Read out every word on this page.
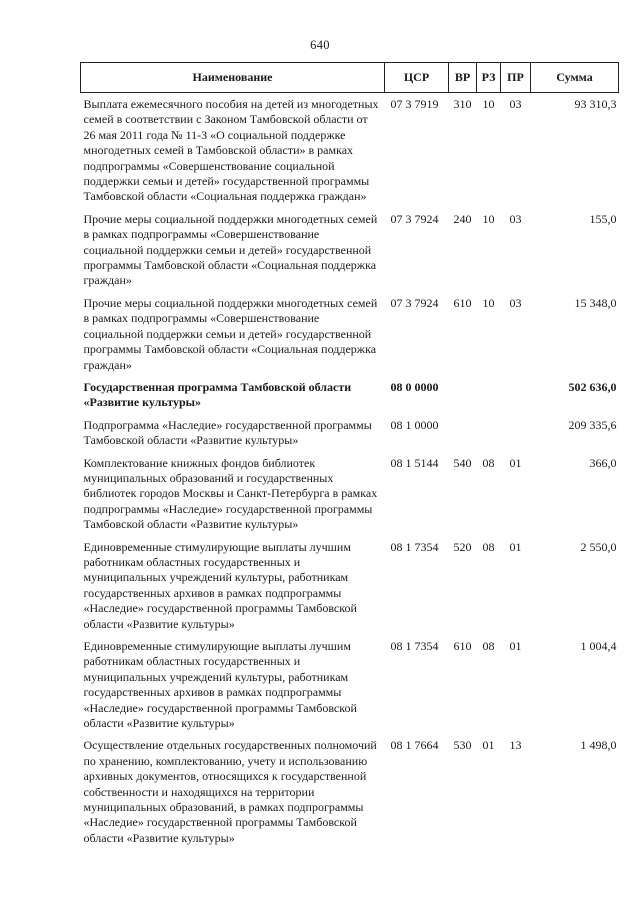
640
Наименование	ЦСР	ВР	РЗ	ПР	Сумма
Выплата ежемесячного пособия на детей из многодетных семей в соответствии с Законом Тамбовской области от 26 мая 2011 года № 11-З «О социальной поддержке многодетных семей в Тамбовской области» в рамках подпрограммы «Совершенствование социальной поддержки семьи и детей» государственной программы Тамбовской области «Социальная поддержка граждан»	07 3 7919	310	10	03	93 310,3
Прочие меры социальной поддержки многодетных семей в рамках подпрограммы «Совершенствование социальной поддержки семьи и детей» государственной программы Тамбовской области «Социальная поддержка граждан»	07 3 7924	240	10	03	155,0
Прочие меры социальной поддержки многодетных семей в рамках подпрограммы «Совершенствование социальной поддержки семьи и детей» государственной программы Тамбовской области «Социальная поддержка граждан»	07 3 7924	610	10	03	15 348,0
Государственная программа Тамбовской области «Развитие культуры»	08 0 0000				502 636,0
Подпрограмма «Наследие» государственной программы Тамбовской области «Развитие культуры»	08 1 0000				209 335,6
Комплектование книжных фондов библиотек муниципальных образований и государственных библиотек городов Москвы и Санкт-Петербурга в рамках подпрограммы «Наследие» государственной программы Тамбовской области «Развитие культуры»	08 1 5144	540	08	01	366,0
Единовременные стимулирующие выплаты лучшим работникам областных государственных и муниципальных учреждений культуры, работникам государственных архивов в рамках подпрограммы «Наследие» государственной программы Тамбовской области «Развитие культуры»	08 1 7354	520	08	01	2 550,0
Единовременные стимулирующие выплаты лучшим работникам областных государственных и муниципальных учреждений культуры, работникам государственных архивов в рамках подпрограммы «Наследие» государственной программы Тамбовской области «Развитие культуры»	08 1 7354	610	08	01	1 004,4
Осуществление отдельных государственных полномочий по хранению, комплектованию, учету и использованию архивных документов, относящихся к государственной собственности и находящихся на территории муниципальных образований, в рамках подпрограммы «Наследие» государственной программы Тамбовской области «Развитие культуры»	08 1 7664	530	01	13	1 498,0
